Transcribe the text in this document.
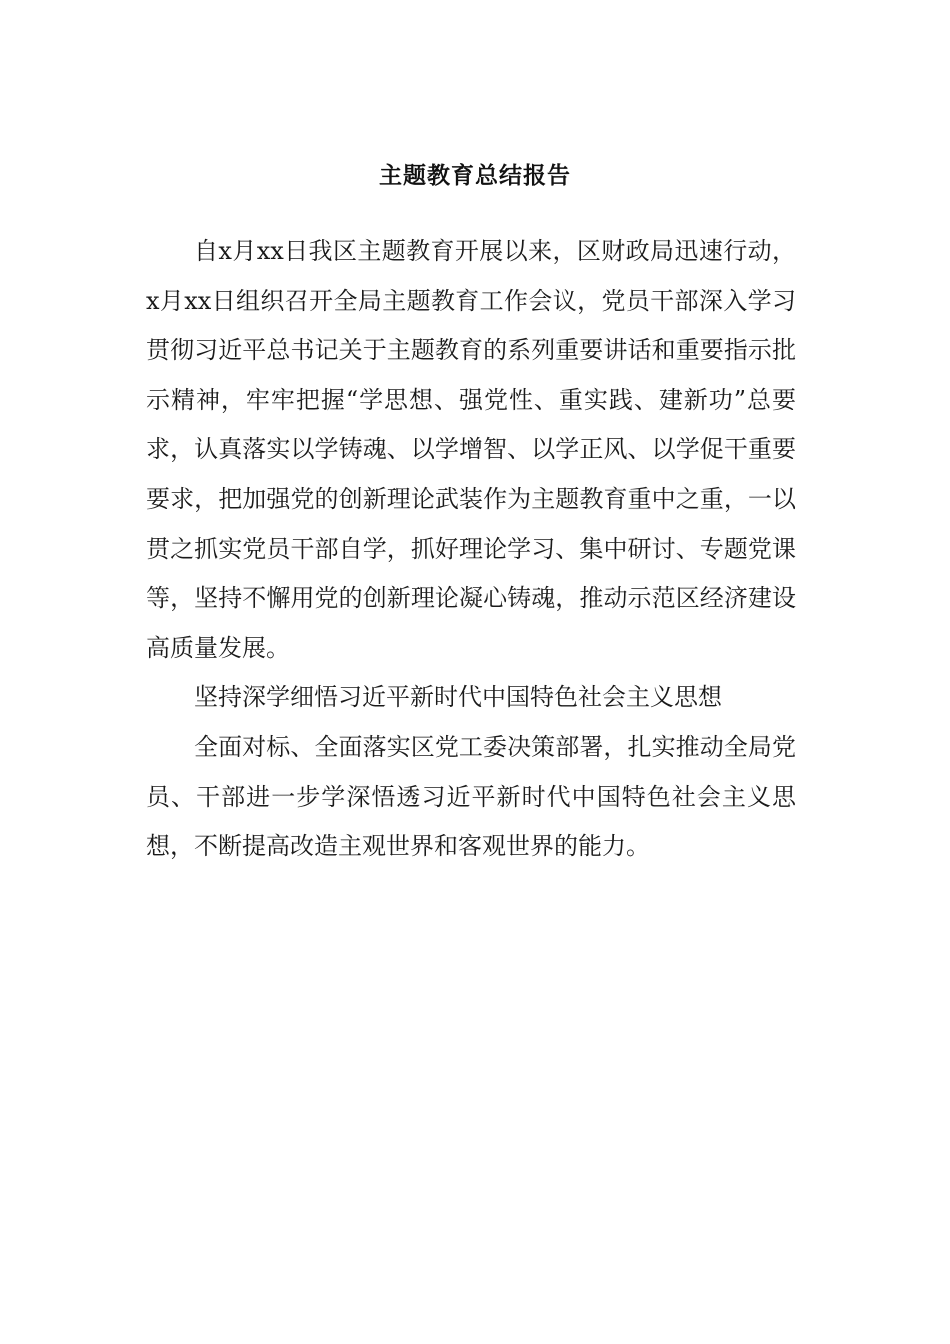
主题教育总结报告

自x月xx日我区主题教育开展以来，区财政局迅速行动，x月xx日组织召开全局主题教育工作会议，党员干部深入学习贯彻习近平总书记关于主题教育的系列重要讲话和重要指示批示精神，牢牢把握“学思想、强党性、重实践、建新功”总要求，认真落实以学铸魂、以学增智、以学正风、以学促干重要要求，把加强党的创新理论武装作为主题教育重中之重，一以贯之抓实党员干部自学，抓好理论学习、集中研讨、专题党课等，坚持不懈用党的创新理论凝心铸魂，推动示范区经济建设高质量发展。

坚持深学细悟习近平新时代中国特色社会主义思想

全面对标、全面落实区党工委决策部署，扎实推动全局党员、干部进一步学深悟透习近平新时代中国特色社会主义思想，不断提高改造主观世界和客观世界的能力。
